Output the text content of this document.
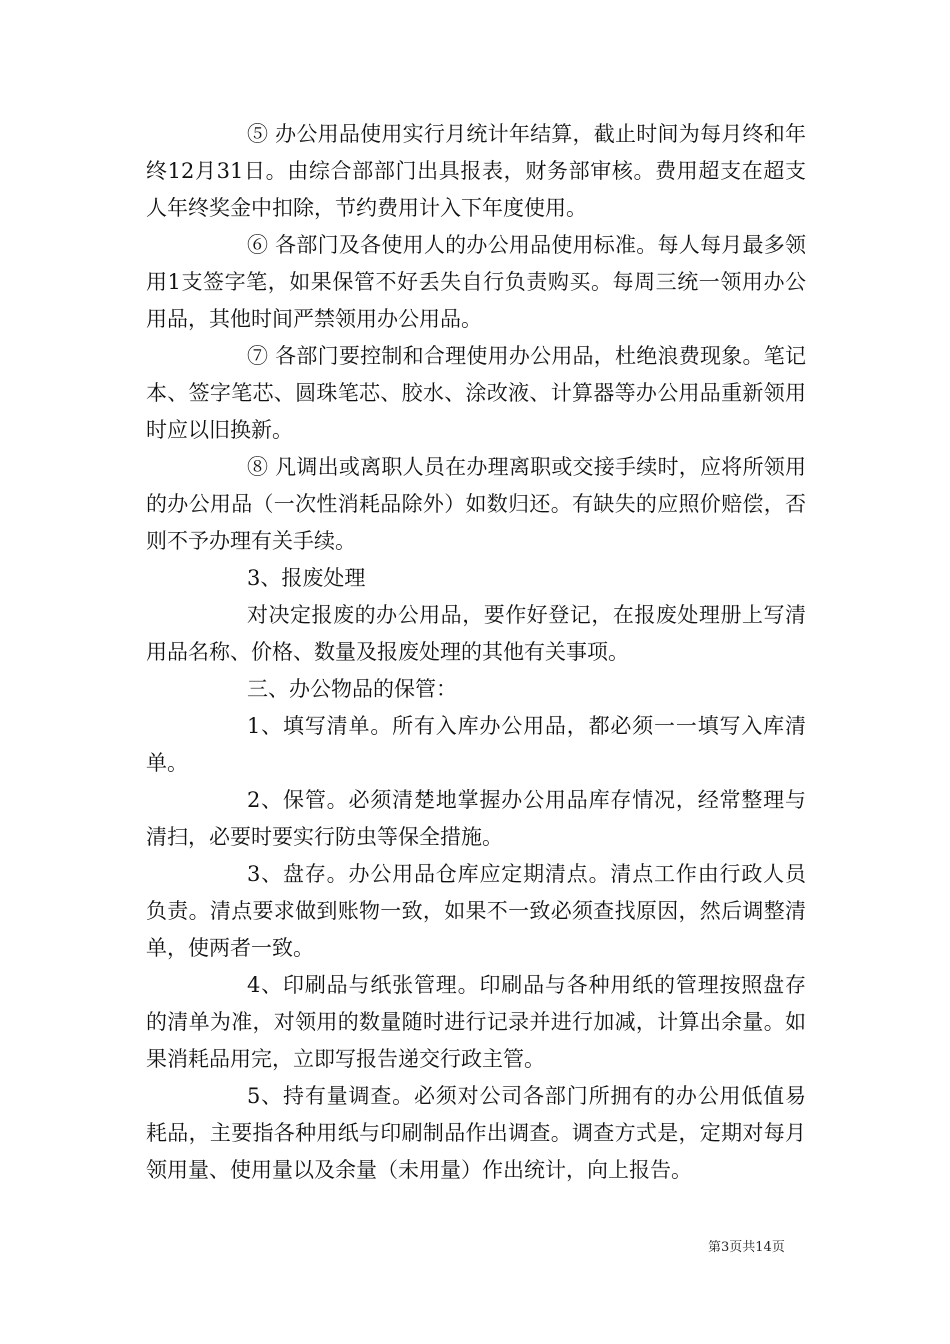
⑤ 办公用品使用实行月统计年结算，截止时间为每月终和年终12月31日。由综合部部门出具报表，财务部审核。费用超支在超支人年终奖金中扣除，节约费用计入下年度使用。

⑥ 各部门及各使用人的办公用品使用标准。每人每月最多领用1支签字笔，如果保管不好丢失自行负责购买。每周三统一领用办公用品，其他时间严禁领用办公用品。

⑦ 各部门要控制和合理使用办公用品，杜绝浪费现象。笔记本、签字笔芯、圆珠笔芯、胶水、涂改液、计算器等办公用品重新领用时应以旧换新。

⑧ 凡调出或离职人员在办理离职或交接手续时，应将所领用的办公用品（一次性消耗品除外）如数归还。有缺失的应照价赔偿，否则不予办理有关手续。

3、报废处理

对决定报废的办公用品，要作好登记，在报废处理册上写清用品名称、价格、数量及报废处理的其他有关事项。

三、办公物品的保管：

1、填写清单。所有入库办公用品，都必须一一填写入库清单。

2、保管。必须清楚地掌握办公用品库存情况，经常整理与清扫，必要时要实行防虫等保全措施。

3、盘存。办公用品仓库应定期清点。清点工作由行政人员负责。清点要求做到账物一致，如果不一致必须查找原因，然后调整清单，使两者一致。

4、印刷品与纸张管理。印刷品与各种用纸的管理按照盘存的清单为准，对领用的数量随时进行记录并进行加减，计算出余量。如果消耗品用完，立即写报告递交行政主管。

5、持有量调查。必须对公司各部门所拥有的办公用低值易耗品，主要指各种用纸与印刷制品作出调查。调查方式是，定期对每月领用量、使用量以及余量（未用量）作出统计，向上报告。

第3页共14页
